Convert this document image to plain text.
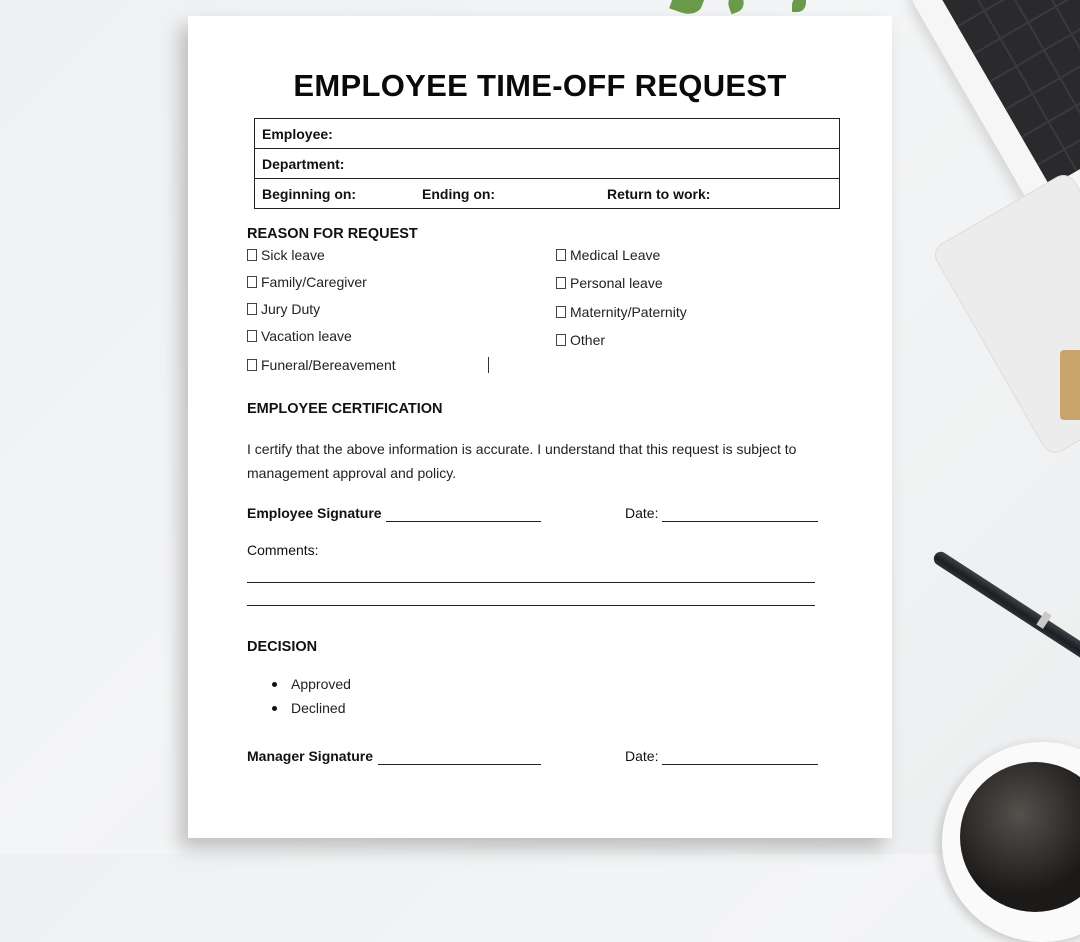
EMPLOYEE TIME-OFF REQUEST
Employee:
Department:
Beginning on:	Ending on:	Return to work:
REASON FOR REQUEST
Sick leave
Family/Caregiver
Jury Duty
Vacation leave
Funeral/Bereavement
Medical Leave
Personal leave
Maternity/Paternity
Other
EMPLOYEE CERTIFICATION
I certify that the above information is accurate. I understand that this request is subject to management approval and policy.
Employee Signature	Date:
Comments:
DECISION
Approved
Declined
Manager Signature	Date:
